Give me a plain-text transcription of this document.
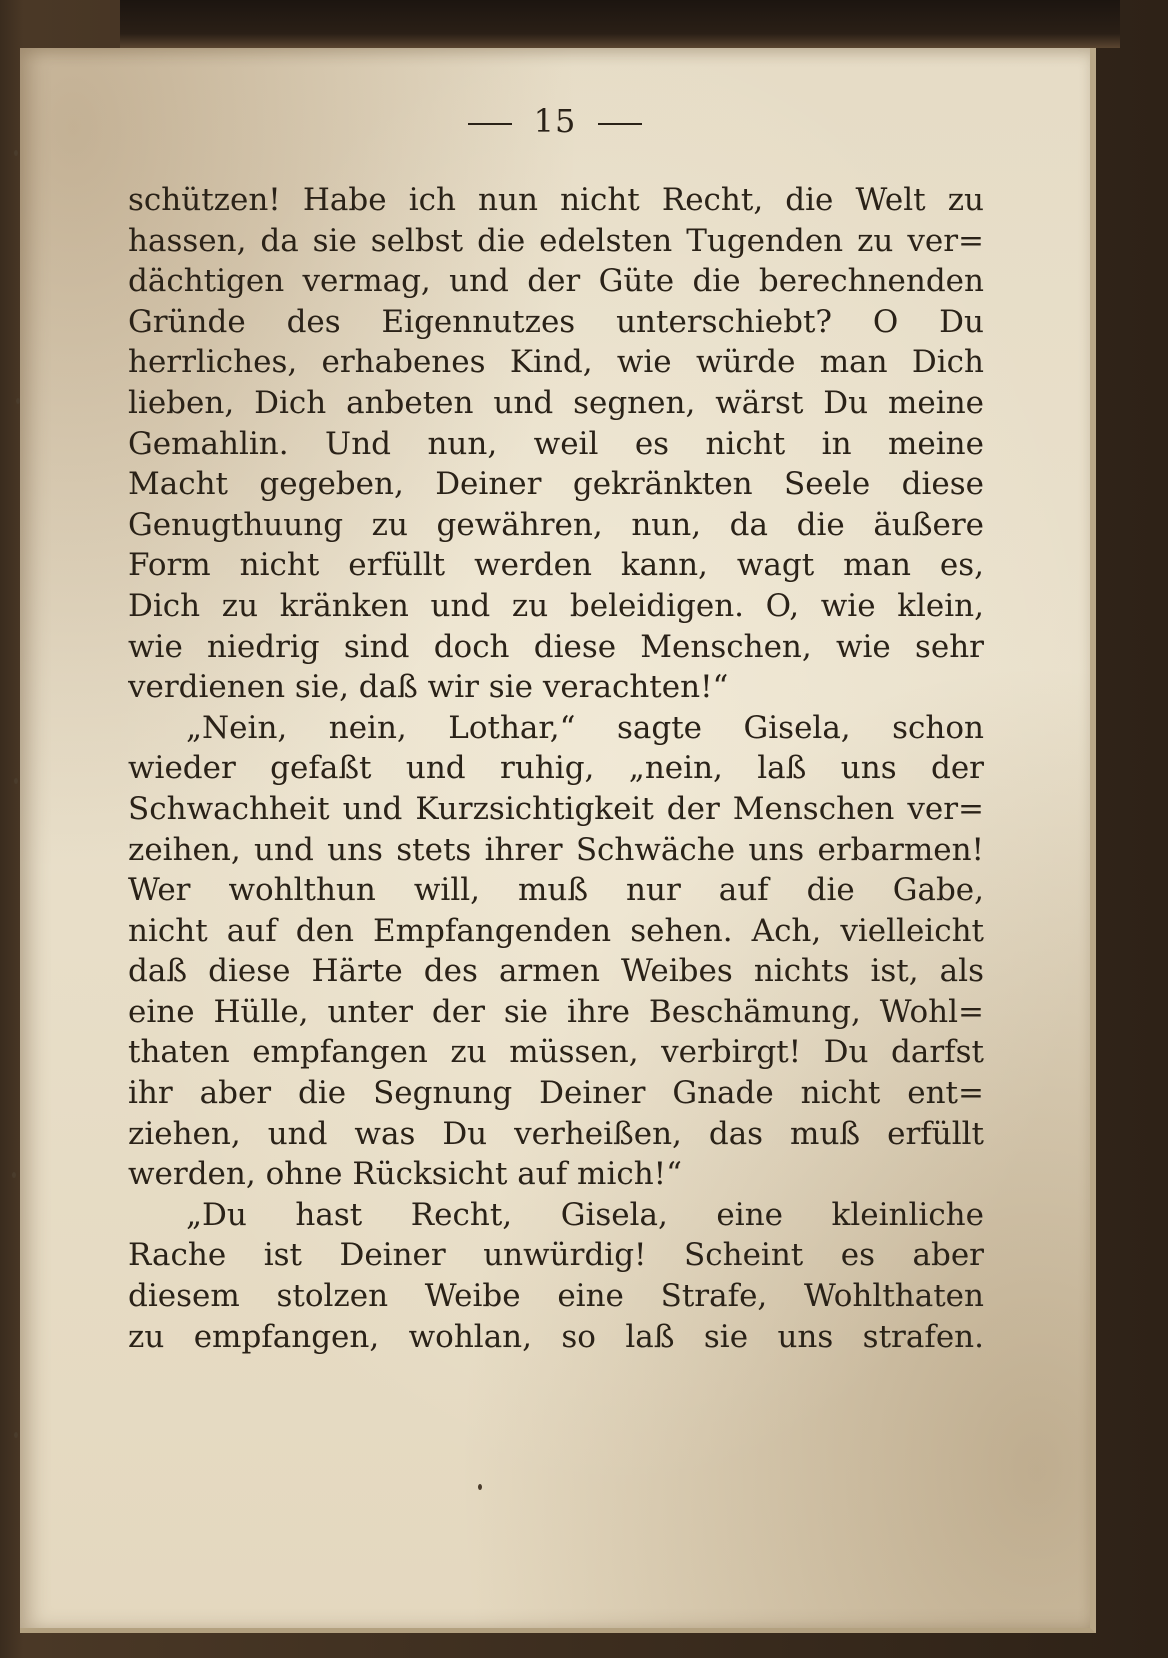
15
schützen! Habe ich nun nicht Recht, die Welt zu
hassen, da sie selbst die edelsten Tugenden zu ver=
dächtigen vermag, und der Güte die berechnenden
Gründe des Eigennutzes unterschiebt? O Du
herrliches, erhabenes Kind, wie würde man Dich
lieben, Dich anbeten und segnen, wärst Du meine
Gemahlin. Und nun, weil es nicht in meine
Macht gegeben, Deiner gekränkten Seele diese
Genugthuung zu gewähren, nun, da die äußere
Form nicht erfüllt werden kann, wagt man es,
Dich zu kränken und zu beleidigen. O, wie klein,
wie niedrig sind doch diese Menschen, wie sehr
verdienen sie, daß wir sie verachten!“
„Nein, nein, Lothar,“ sagte Gisela, schon
wieder gefaßt und ruhig, „nein, laß uns der
Schwachheit und Kurzsichtigkeit der Menschen ver=
zeihen, und uns stets ihrer Schwäche uns erbarmen!
Wer wohlthun will, muß nur auf die Gabe,
nicht auf den Empfangenden sehen. Ach, vielleicht
daß diese Härte des armen Weibes nichts ist, als
eine Hülle, unter der sie ihre Beschämung, Wohl=
thaten empfangen zu müssen, verbirgt! Du darfst
ihr aber die Segnung Deiner Gnade nicht ent=
ziehen, und was Du verheißen, das muß erfüllt
werden, ohne Rücksicht auf mich!“
„Du hast Recht, Gisela, eine kleinliche
Rache ist Deiner unwürdig! Scheint es aber
diesem stolzen Weibe eine Strafe, Wohlthaten
zu empfangen, wohlan, so laß sie uns strafen.
